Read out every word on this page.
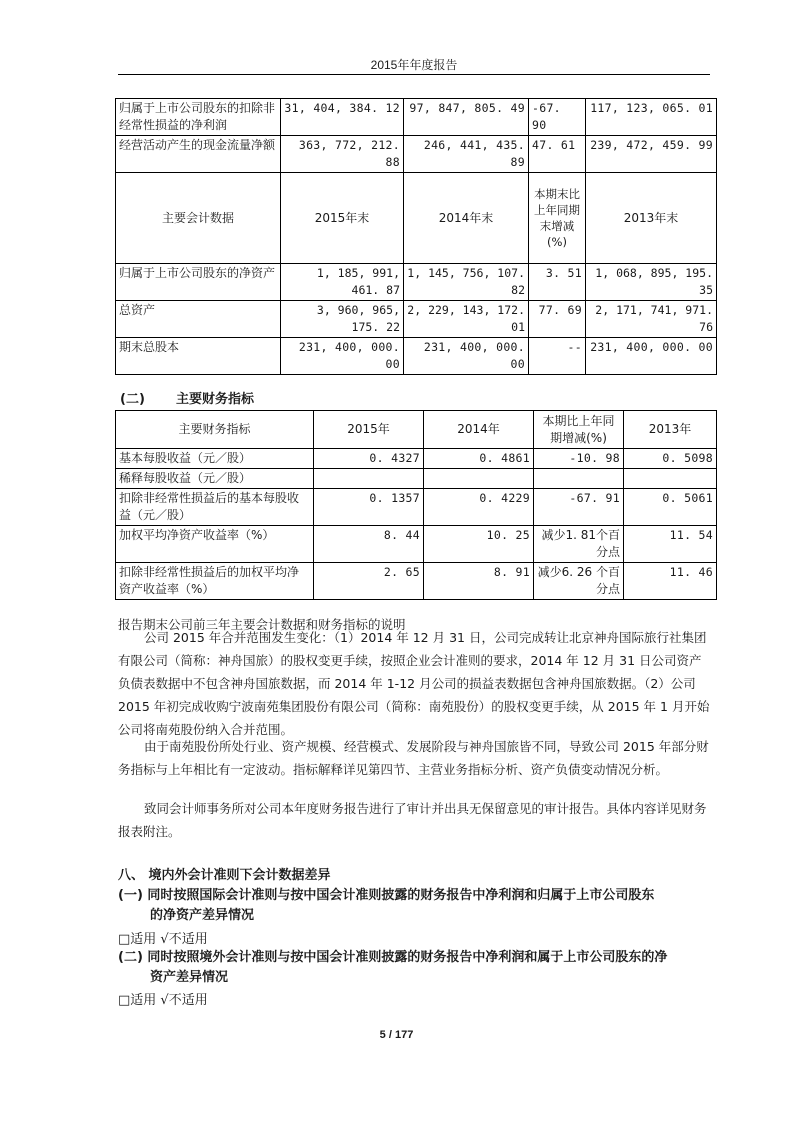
2015年年度报告
归属于上市公司股东的扣除非经常性损益的净利润	31, 404, 384. 12	97, 847, 805. 49	-67. 90	117, 123, 065. 01
经营活动产生的现金流量净额	363, 772, 212. 88	246, 441, 435. 89	47. 61	239, 472, 459. 99
主要会计数据	2015年末	2014年末	本期末比上年同期末增减(%)	2013年末
归属于上市公司股东的净资产	1, 185, 991, 461. 87	1, 145, 756, 107. 82	3. 51	1, 068, 895, 195. 35
总资产	3, 960, 965, 175. 22	2, 229, 143, 172. 01	77. 69	2, 171, 741, 971. 76
期末总股本	231, 400, 000. 00	231, 400, 000. 00	--	231, 400, 000. 00
(二) 主要财务指标
主要财务指标	2015年	2014年	本期比上年同期增减(%)	2013年
基本每股收益（元／股）	0. 4327	0. 4861	-10. 98	0. 5098
稀释每股收益（元／股）				
扣除非经常性损益后的基本每股收益（元／股）	0. 1357	0. 4229	-67. 91	0. 5061
加权平均净资产收益率（%）	8. 44	10. 25	减少1. 81个百分点	11. 54
扣除非经常性损益后的加权平均净资产收益率（%）	2. 65	8. 91	减少6. 26 个百分点	11. 46

报告期末公司前三年主要会计数据和财务指标的说明

公司 2015 年合并范围发生变化：（1）2014 年 12 月 31 日，公司完成转让北京神舟国际旅行社集团有限公司（简称：神舟国旅）的股权变更手续，按照企业会计准则的要求，2014 年 12 月 31 日公司资产负债表数据中不包含神舟国旅数据，而 2014 年 1-12 月公司的损益表数据包含神舟国旅数据。（2）公司 2015 年初完成收购宁波南苑集团股份有限公司（简称：南苑股份）的股权变更手续，从 2015 年 1 月开始公司将南苑股份纳入合并范围。

由于南苑股份所处行业、资产规模、经营模式、发展阶段与神舟国旅皆不同，导致公司 2015 年部分财务指标与上年相比有一定波动。指标解释详见第四节、主营业务指标分析、资产负债变动情况分析。

致同会计师事务所对公司本年度财务报告进行了审计并出具无保留意见的审计报告。具体内容详见财务报表附注。

八、 境内外会计准则下会计数据差异
(一) 同时按照国际会计准则与按中国会计准则披露的财务报告中净利润和归属于上市公司股东
的净资产差异情况
□适用 √不适用
(二) 同时按照境外会计准则与按中国会计准则披露的财务报告中净利润和属于上市公司股东的净
资产差异情况
□适用 √不适用
5 / 177
